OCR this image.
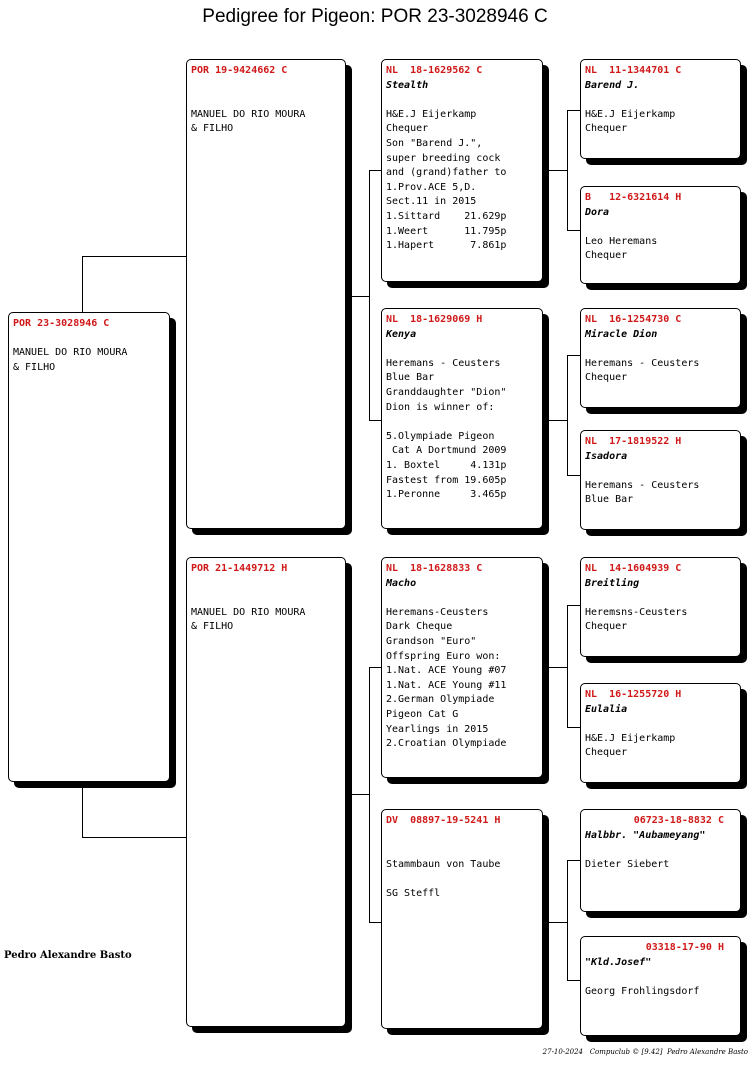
Pedigree for Pigeon: POR 23-3028946 C
POR 23-3028946 C
MANUEL DO RIO MOURA
& FILHO
POR 19-9424662 C
MANUEL DO RIO MOURA
& FILHO
POR 21-1449712 H
MANUEL DO RIO MOURA
& FILHO
NL  18-1629562 C
Stealth
H&E.J Eijerkamp
Chequer
Son "Barend J.",
super breeding cock
and (grand)father to
1.Prov.ACE 5,D.
Sect.11 in 2015
1.Sittard    21.629p
1.Weert      11.795p
1.Hapert      7.861p
NL  18-1629069 H
Kenya
Heremans - Ceusters
Blue Bar
Granddaughter "Dion"
Dion is winner of:

5.Olympiade Pigeon
Cat A Dortmund 2009
1. Boxtel     4.131p
Fastest from 19.605p
1.Peronne     3.465p
NL  18-1628833 C
Macho
Heremans-Ceusters
Dark Cheque
Grandson "Euro"
Offspring Euro won:
1.Nat. ACE Young #07
1.Nat. ACE Young #11
2.German Olympiade
Pigeon Cat G
Yearlings in 2015
2.Croatian Olympiade
DV  08897-19-5241 H
Stammbaun von Taube

SG Steffl
NL  11-1344701 C
Barend J.
H&E.J Eijerkamp
Chequer
B   12-6321614 H
Dora
Leo Heremans
Chequer
NL  16-1254730 C
Miracle Dion
Heremans - Ceusters
Chequer
NL  17-1819522 H
Isadora
Heremans - Ceusters
Blue Bar
NL  14-1604939 C
Breitling
Heremsns-Ceusters
Chequer
NL  16-1255720 H
Eulalia
H&E.J Eijerkamp
Chequer
06723-18-8832 C
Halbbr. "Aubameyang"
Dieter Siebert
03318-17-90 H
"Kld.Josef"
Georg Frohlingsdorf
Pedro Alexandre Basto
27-10-2024   Compuclub © [9.42]  Pedro Alexandre Basto
